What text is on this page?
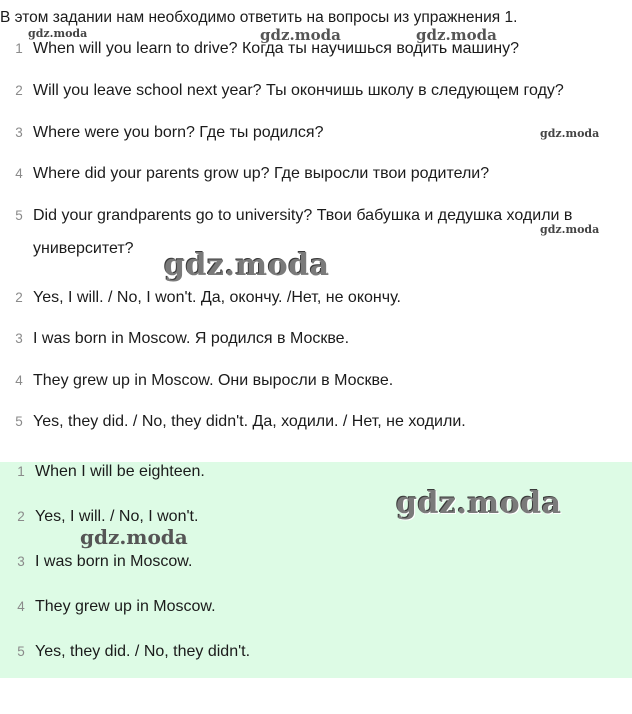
В этом задании нам необходимо ответить на вопросы из упражнения 1.
1 When will you learn to drive? Когда ты научишься водить машину?
2 Will you leave school next year? Ты окончишь школу в следующем году?
3 Where were you born? Где ты родился?
4 Where did your parents grow up? Где выросли твои родители?
5 Did your grandparents go to university? Твои бабушка и дедушка ходили в университет?
2 Yes, I will. / No, I won't. Да, окончу. /Нет, не окончу.
3 I was born in Moscow. Я родился в Москве.
4 They grew up in Moscow. Они выросли в Москве.
5 Yes, they did. / No, they didn't. Да, ходили. / Нет, не ходили.
1 When I will be eighteen.
2 Yes, I will. / No, I won't.
3 I was born in Moscow.
4 They grew up in Moscow.
5 Yes, they did. / No, they didn't.
gdz.moda	gdz.moda	gdz.moda
gdz.moda
gdz.moda
gdz.moda
gdz.moda
gdz.moda
